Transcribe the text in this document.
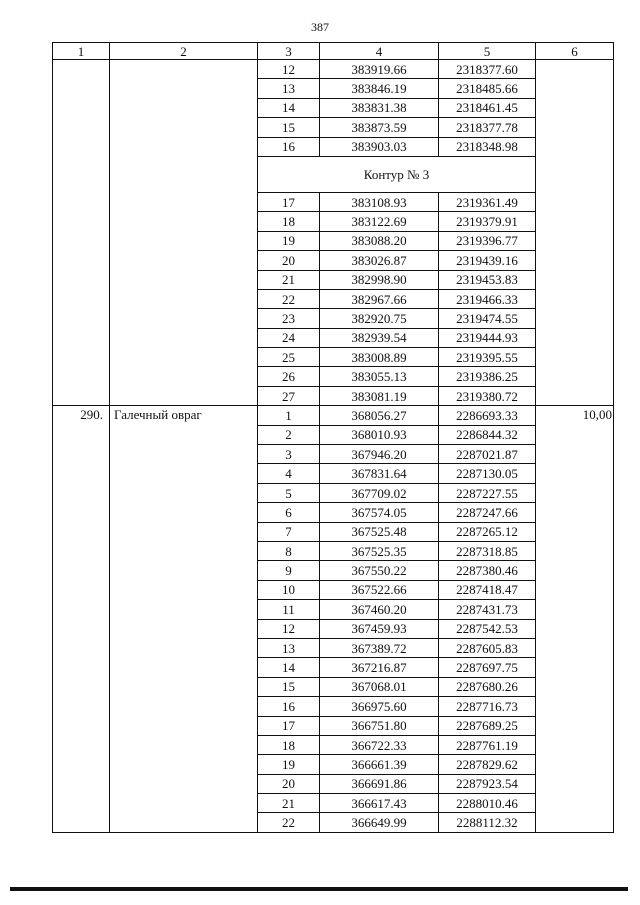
387
1	2	3	4	5	6
		12	383919.66	2318377.60	
		13	383846.19	2318485.66	
		14	383831.38	2318461.45	
		15	383873.59	2318377.78	
		16	383903.03	2318348.98	
		Контур № 3			
		17	383108.93	2319361.49	
		18	383122.69	2319379.91	
		19	383088.20	2319396.77	
		20	383026.87	2319439.16	
		21	382998.90	2319453.83	
		22	382967.66	2319466.33	
		23	382920.75	2319474.55	
		24	382939.54	2319444.93	
		25	383008.89	2319395.55	
		26	383055.13	2319386.25	
		27	383081.19	2319380.72	
290.	Галечный овраг	1	368056.27	2286693.33	10,00
		2	368010.93	2286844.32	
		3	367946.20	2287021.87	
		4	367831.64	2287130.05	
		5	367709.02	2287227.55	
		6	367574.05	2287247.66	
		7	367525.48	2287265.12	
		8	367525.35	2287318.85	
		9	367550.22	2287380.46	
		10	367522.66	2287418.47	
		11	367460.20	2287431.73	
		12	367459.93	2287542.53	
		13	367389.72	2287605.83	
		14	367216.87	2287697.75	
		15	367068.01	2287680.26	
		16	366975.60	2287716.73	
		17	366751.80	2287689.25	
		18	366722.33	2287761.19	
		19	366661.39	2287829.62	
		20	366691.86	2287923.54	
		21	366617.43	2288010.46	
		22	366649.99	2288112.32	
